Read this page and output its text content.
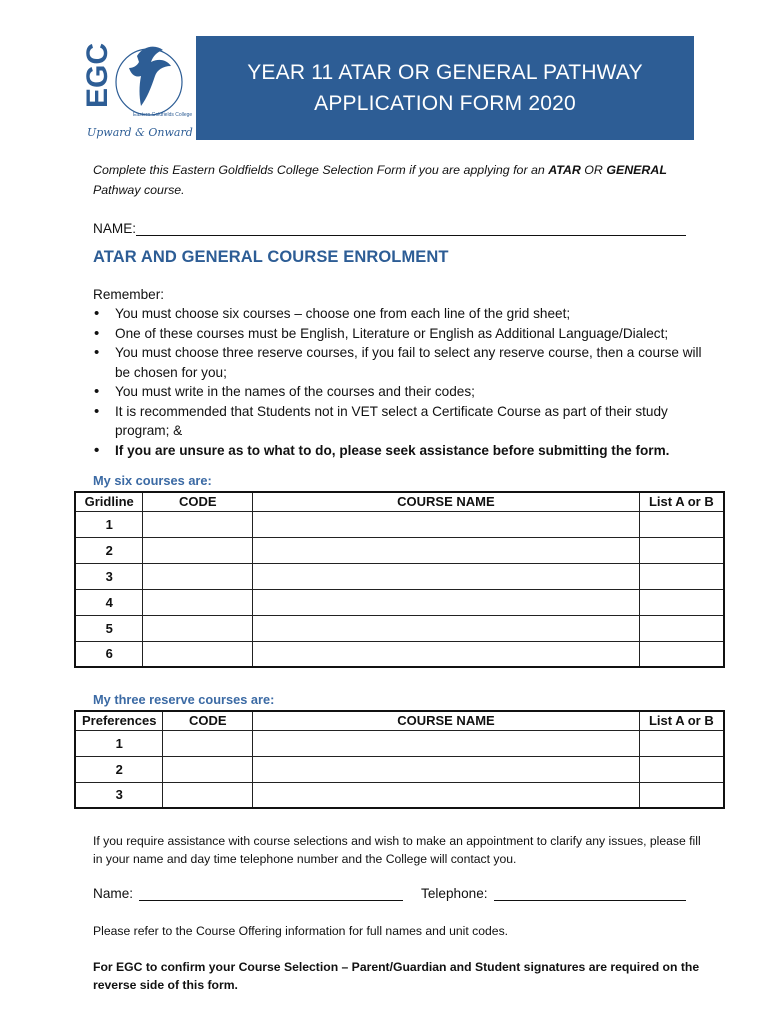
EGC
Eastern Goldfields College
Upward & Onward
YEAR 11 ATAR OR GENERAL PATHWAY
APPLICATION FORM 2020

Complete this Eastern Goldfields College Selection Form if you are applying for an ATAR OR GENERAL Pathway course.

NAME:
ATAR AND GENERAL COURSE ENROLMENT
Remember:
• You must choose six courses – choose one from each line of the grid sheet;
• One of these courses must be English, Literature or English as Additional Language/Dialect;
• You must choose three reserve courses, if you fail to select any reserve course, then a course will be chosen for you;
• You must write in the names of the courses and their codes;
• It is recommended that Students not in VET select a Certificate Course as part of their study program; &
• If you are unsure as to what to do, please seek assistance before submitting the form.
My six courses are:
Gridline	CODE	COURSE NAME	List A or B
1			
2			
3			
4			
5			
6			
My three reserve courses are:
Preferences	CODE	COURSE NAME	List A or B
1			
2			
3			

If you require assistance with course selections and wish to make an appointment to clarify any issues, please fill in your name and day time telephone number and the College will contact you.

Name:	Telephone:

Please refer to the Course Offering information for full names and unit codes.

For EGC to confirm your Course Selection – Parent/Guardian and Student signatures are required on the reverse side of this form.
